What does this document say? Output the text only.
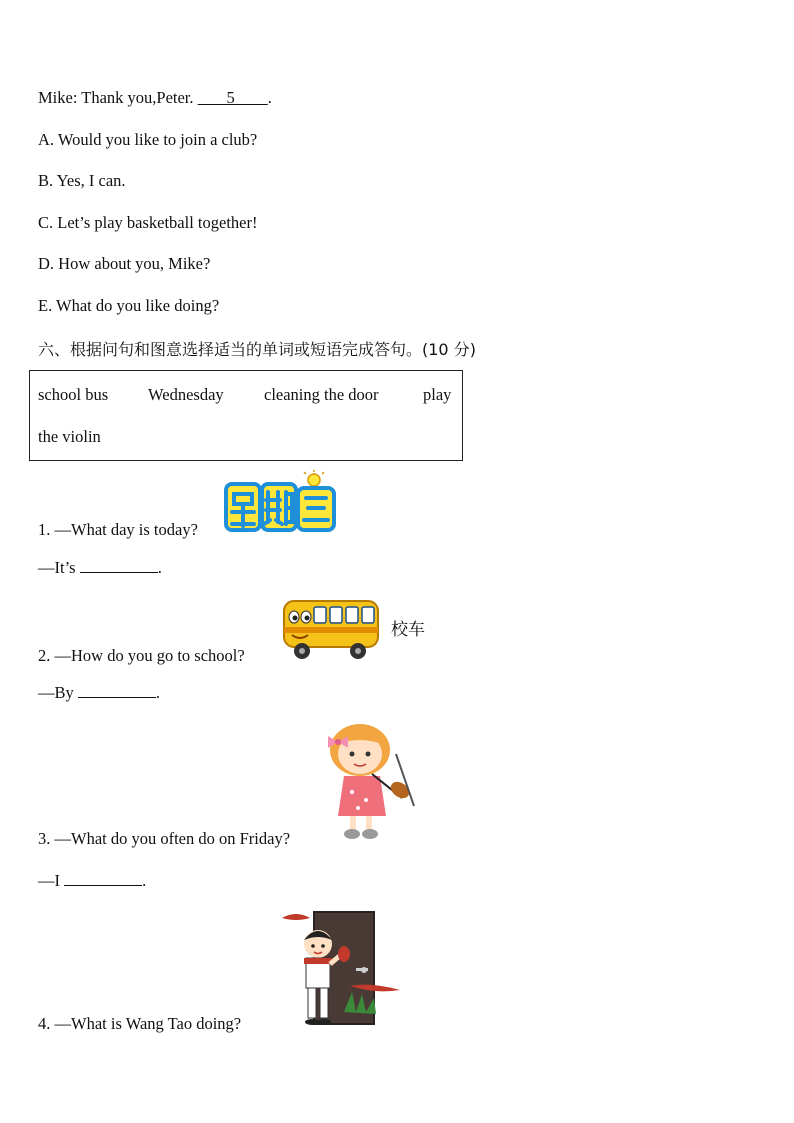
Mike: Thank you,Peter. 5 .
A. Would you like to join a club?
B. Yes, I can.
C. Let’s play basketball together!
D. How about you, Mike?
E. What do you like doing?
六、根据问句和图意选择适当的单词或短语完成答句。(10 分)
school bus Wednesday cleaning the door	play
the violin
1. —What day is today?
—It’s	.
校车
2. —How do you go to school?
—By	.
3. —What do you often do on Friday?
—I	.
4. —What is Wang Tao doing?
